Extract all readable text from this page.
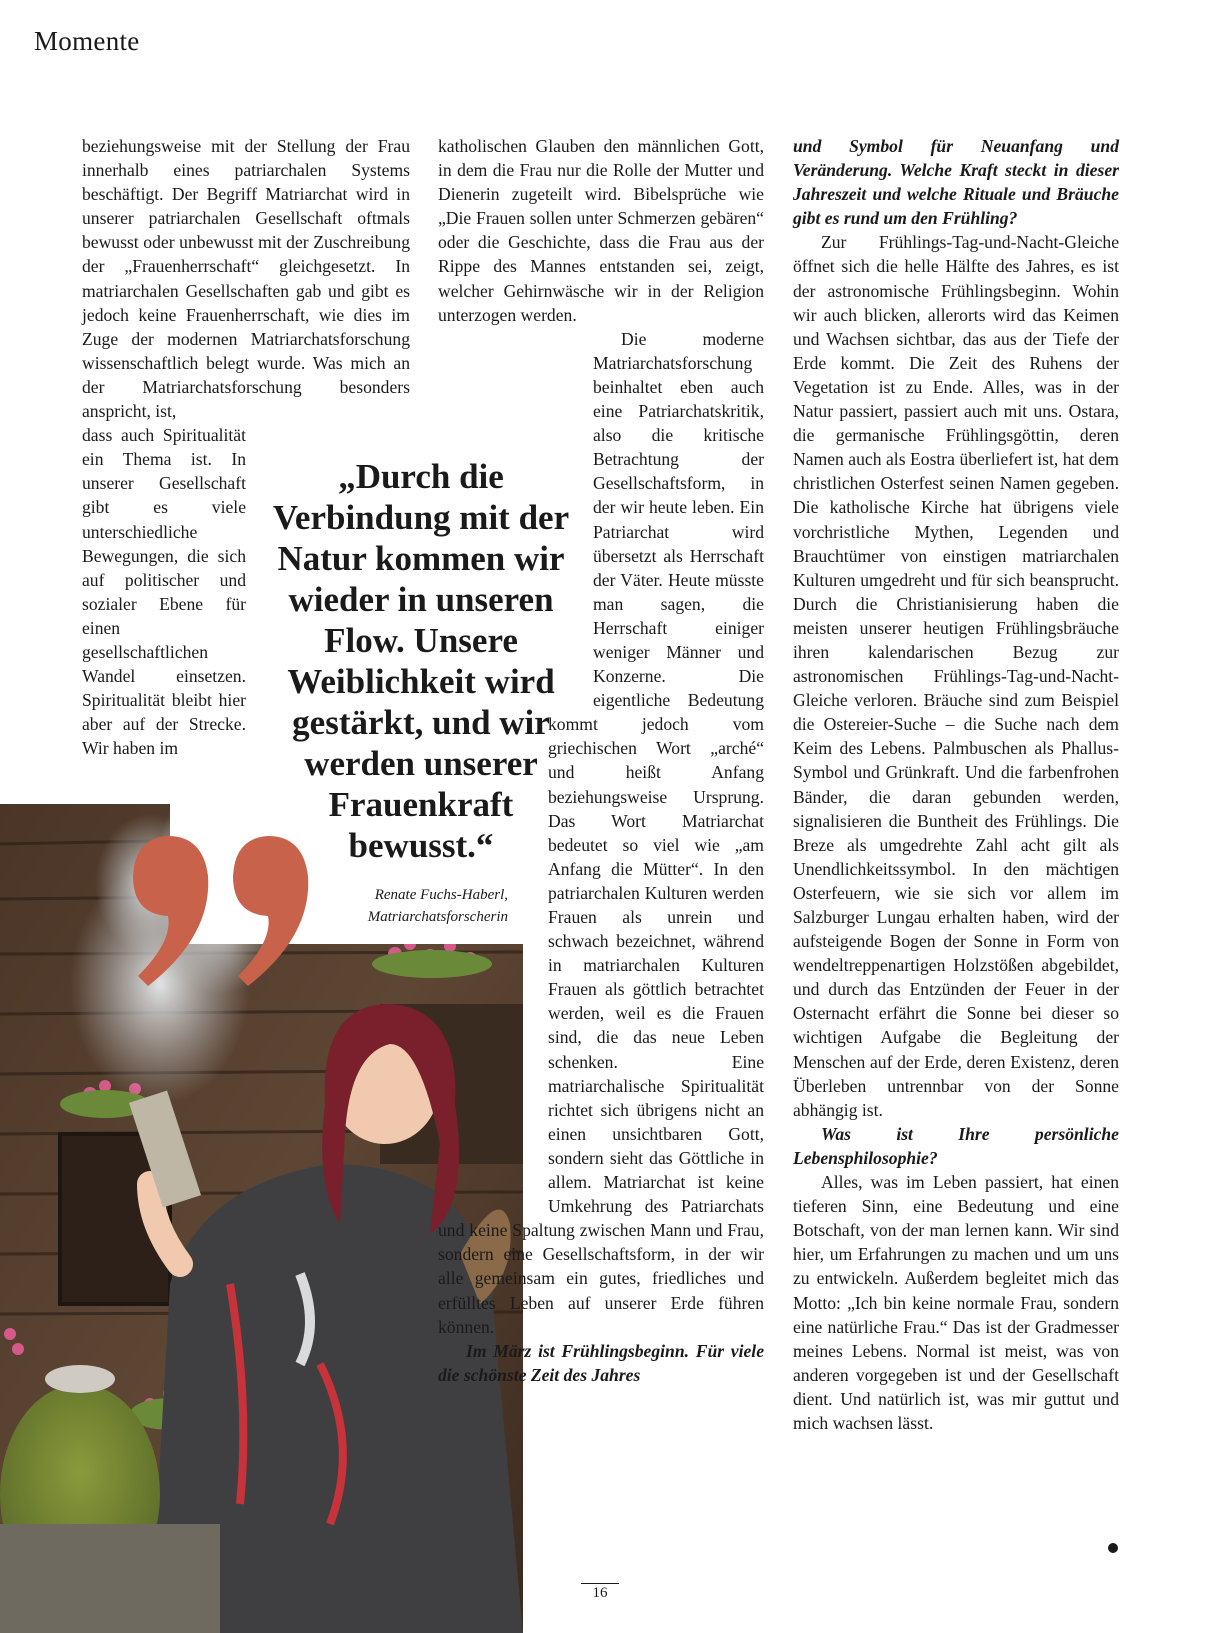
Momente

beziehungsweise mit der Stellung der Frau innerhalb eines patriarchalen Systems beschäftigt. Der Begriff Matriarchat wird in unserer patriarchalen Gesellschaft oftmals bewusst oder unbewusst mit der Zuschreibung der „Frauenherrschaft“ gleichgesetzt. In matriarchalen Gesellschaften gab und gibt es jedoch keine Frauenherrschaft, wie dies im Zuge der modernen Matriarchatsforschung wissenschaftlich belegt wurde. Was mich an der Matriarchatsforschung besonders anspricht, ist,

dass auch Spiritualität ein Thema ist. In unserer Gesellschaft gibt es viele unterschiedliche Bewegungen, die sich auf politischer und sozialer Ebene für einen gesellschaftlichen Wandel einsetzen. Spiritualität bleibt hier aber auf der Strecke. Wir haben im

„Durch die Verbindung mit der Natur kommen wir wieder in unseren Flow. Unsere Weiblichkeit wird gestärkt, und wir werden unserer Frauenkraft bewusst.“

Renate Fuchs-Haberl,
Matriarchatsforscherin

katholischen Glauben den männlichen Gott, in dem die Frau nur die Rolle der Mutter und Dienerin zugeteilt wird. Bibelsprüche wie „Die Frauen sollen unter Schmerzen gebären“ oder die Geschichte, dass die Frau aus der Rippe des Mannes entstanden sei, zeigt, welcher Gehirnwäsche wir in der Religion unterzogen werden.

Die moderne Matriarchatsforschung beinhaltet eben auch eine Patriarchatskritik, also die kritische Betrachtung der Gesellschaftsform, in der wir heute leben. Ein Patriarchat wird übersetzt als Herrschaft der Väter. Heute müsste man sagen, die Herrschaft einiger weniger Männer und Konzerne. Die eigentliche Bedeutung kommt jedoch vom griechischen Wort „arché“ und heißt Anfang beziehungsweise Ursprung. Das Wort Matriarchat bedeutet so viel wie „am Anfang die Mütter“. In den patriarchalen Kulturen werden Frauen als unrein und schwach bezeichnet, während in matriarchalen Kulturen Frauen als göttlich betrachtet werden, weil es die Frauen sind, die das neue Leben schenken. Eine matriarchalische Spiritualität richtet sich übrigens nicht an einen unsichtbaren Gott, sondern sieht das Göttliche in allem. Matriarchat ist keine Umkehrung des Patriarchats und keine Spaltung zwischen Mann und Frau, sondern eine Gesellschaftsform, in der wir alle gemeinsam ein gutes, friedliches und erfülltes Leben auf unserer Erde führen können.

Im März ist Frühlingsbeginn. Für viele die schönste Zeit des Jahres

und Symbol für Neuanfang und Veränderung. Welche Kraft steckt in dieser Jahreszeit und welche Rituale und Bräuche gibt es rund um den Frühling?

Zur Frühlings-Tag-und-Nacht-Gleiche öffnet sich die helle Hälfte des Jahres, es ist der astronomische Frühlingsbeginn. Wohin wir auch blicken, allerorts wird das Keimen und Wachsen sichtbar, das aus der Tiefe der Erde kommt. Die Zeit des Ruhens der Vegetation ist zu Ende. Alles, was in der Natur passiert, passiert auch mit uns. Ostara, die germanische Frühlingsgöttin, deren Namen auch als Eostra überliefert ist, hat dem christlichen Osterfest seinen Namen gegeben. Die katholische Kirche hat übrigens viele vorchristliche Mythen, Legenden und Brauchtümer von einstigen matriarchalen Kulturen umgedreht und für sich beansprucht. Durch die Christianisierung haben die meisten unserer heutigen Frühlingsbräuche ihren kalendarischen Bezug zur astronomischen Frühlings-Tag-und-Nacht-Gleiche verloren. Bräuche sind zum Beispiel die Ostereier-Suche – die Suche nach dem Keim des Lebens. Palmbuschen als Phallus-Symbol und Grünkraft. Und die farbenfrohen Bänder, die daran gebunden werden, signalisieren die Buntheit des Frühlings. Die Breze als umgedrehte Zahl acht gilt als Unendlichkeitssymbol. In den mächtigen Osterfeuern, wie sie sich vor allem im Salzburger Lungau erhalten haben, wird der aufsteigende Bogen der Sonne in Form von wendeltreppenartigen Holzstößen abgebildet, und durch das Entzünden der Feuer in der Osternacht erfährt die Sonne bei dieser so wichtigen Aufgabe die Begleitung der Menschen auf der Erde, deren Existenz, deren Überleben untrennbar von der Sonne abhängig ist.

Was ist Ihre persönliche Lebensphilosophie?

Alles, was im Leben passiert, hat einen tieferen Sinn, eine Bedeutung und eine Botschaft, von der man lernen kann. Wir sind hier, um Erfahrungen zu machen und um uns zu entwickeln. Außerdem begleitet mich das Motto: „Ich bin keine normale Frau, sondern eine natürliche Frau.“ Das ist der Gradmesser meines Lebens. Normal ist meist, was von anderen vorgegeben ist und der Gesellschaft dient. Und natürlich ist, was mir guttut und mich wachsen lässt.

16
